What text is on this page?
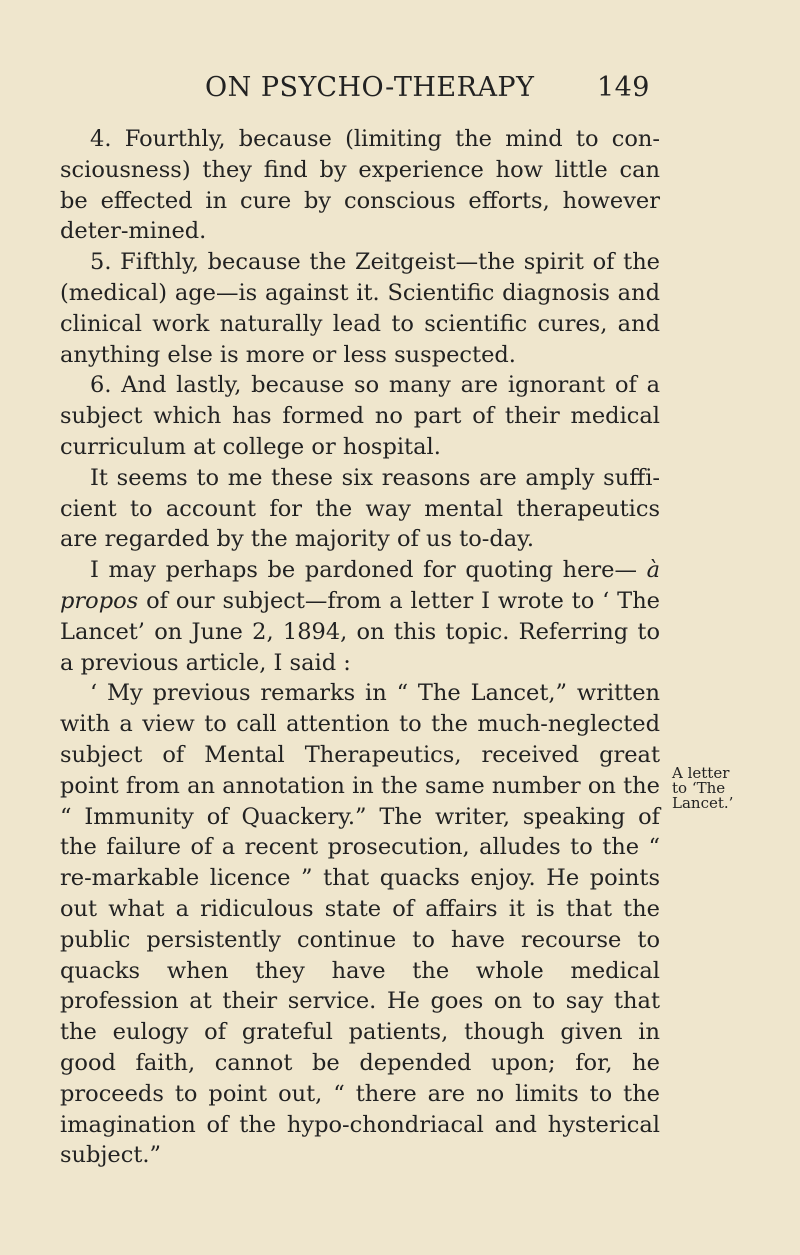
ON PSYCHO-THERAPY 149

4. Fourthly, because (limiting the mind to con-sciousness) they find by experience how little can be effected in cure by conscious efforts, however deter-mined.

5. Fifthly, because the Zeitgeist—the spirit of the (medical) age—is against it. Scientific diagnosis and clinical work naturally lead to scientific cures, and anything else is more or less suspected.

6. And lastly, because so many are ignorant of a subject which has formed no part of their medical curriculum at college or hospital.

It seems to me these six reasons are amply suffi-cient to account for the way mental therapeutics are regarded by the majority of us to-day.

I may perhaps be pardoned for quoting here— à propos of our subject—from a letter I wrote to ‘ The Lancet’ on June 2, 1894, on this topic. Referring to a previous article, I said :

‘ My previous remarks in “ The Lancet,” written with a view to call attention to the much-neglected subject of Mental Therapeutics, received great point from an annotation in the same number on the “ Immunity of Quackery.” The writer, speaking of the failure of a recent prosecution, alludes to the “ re-markable licence ” that quacks enjoy. He points out what a ridiculous state of affairs it is that the public persistently continue to have recourse to quacks when they have the whole medical profession at their service. He goes on to say that the eulogy of grateful patients, though given in good faith, cannot be depended upon; for, he proceeds to point out, “ there are no limits to the imagination of the hypo-chondriacal and hysterical subject.”

A letter
to ‘The
Lancet.’
